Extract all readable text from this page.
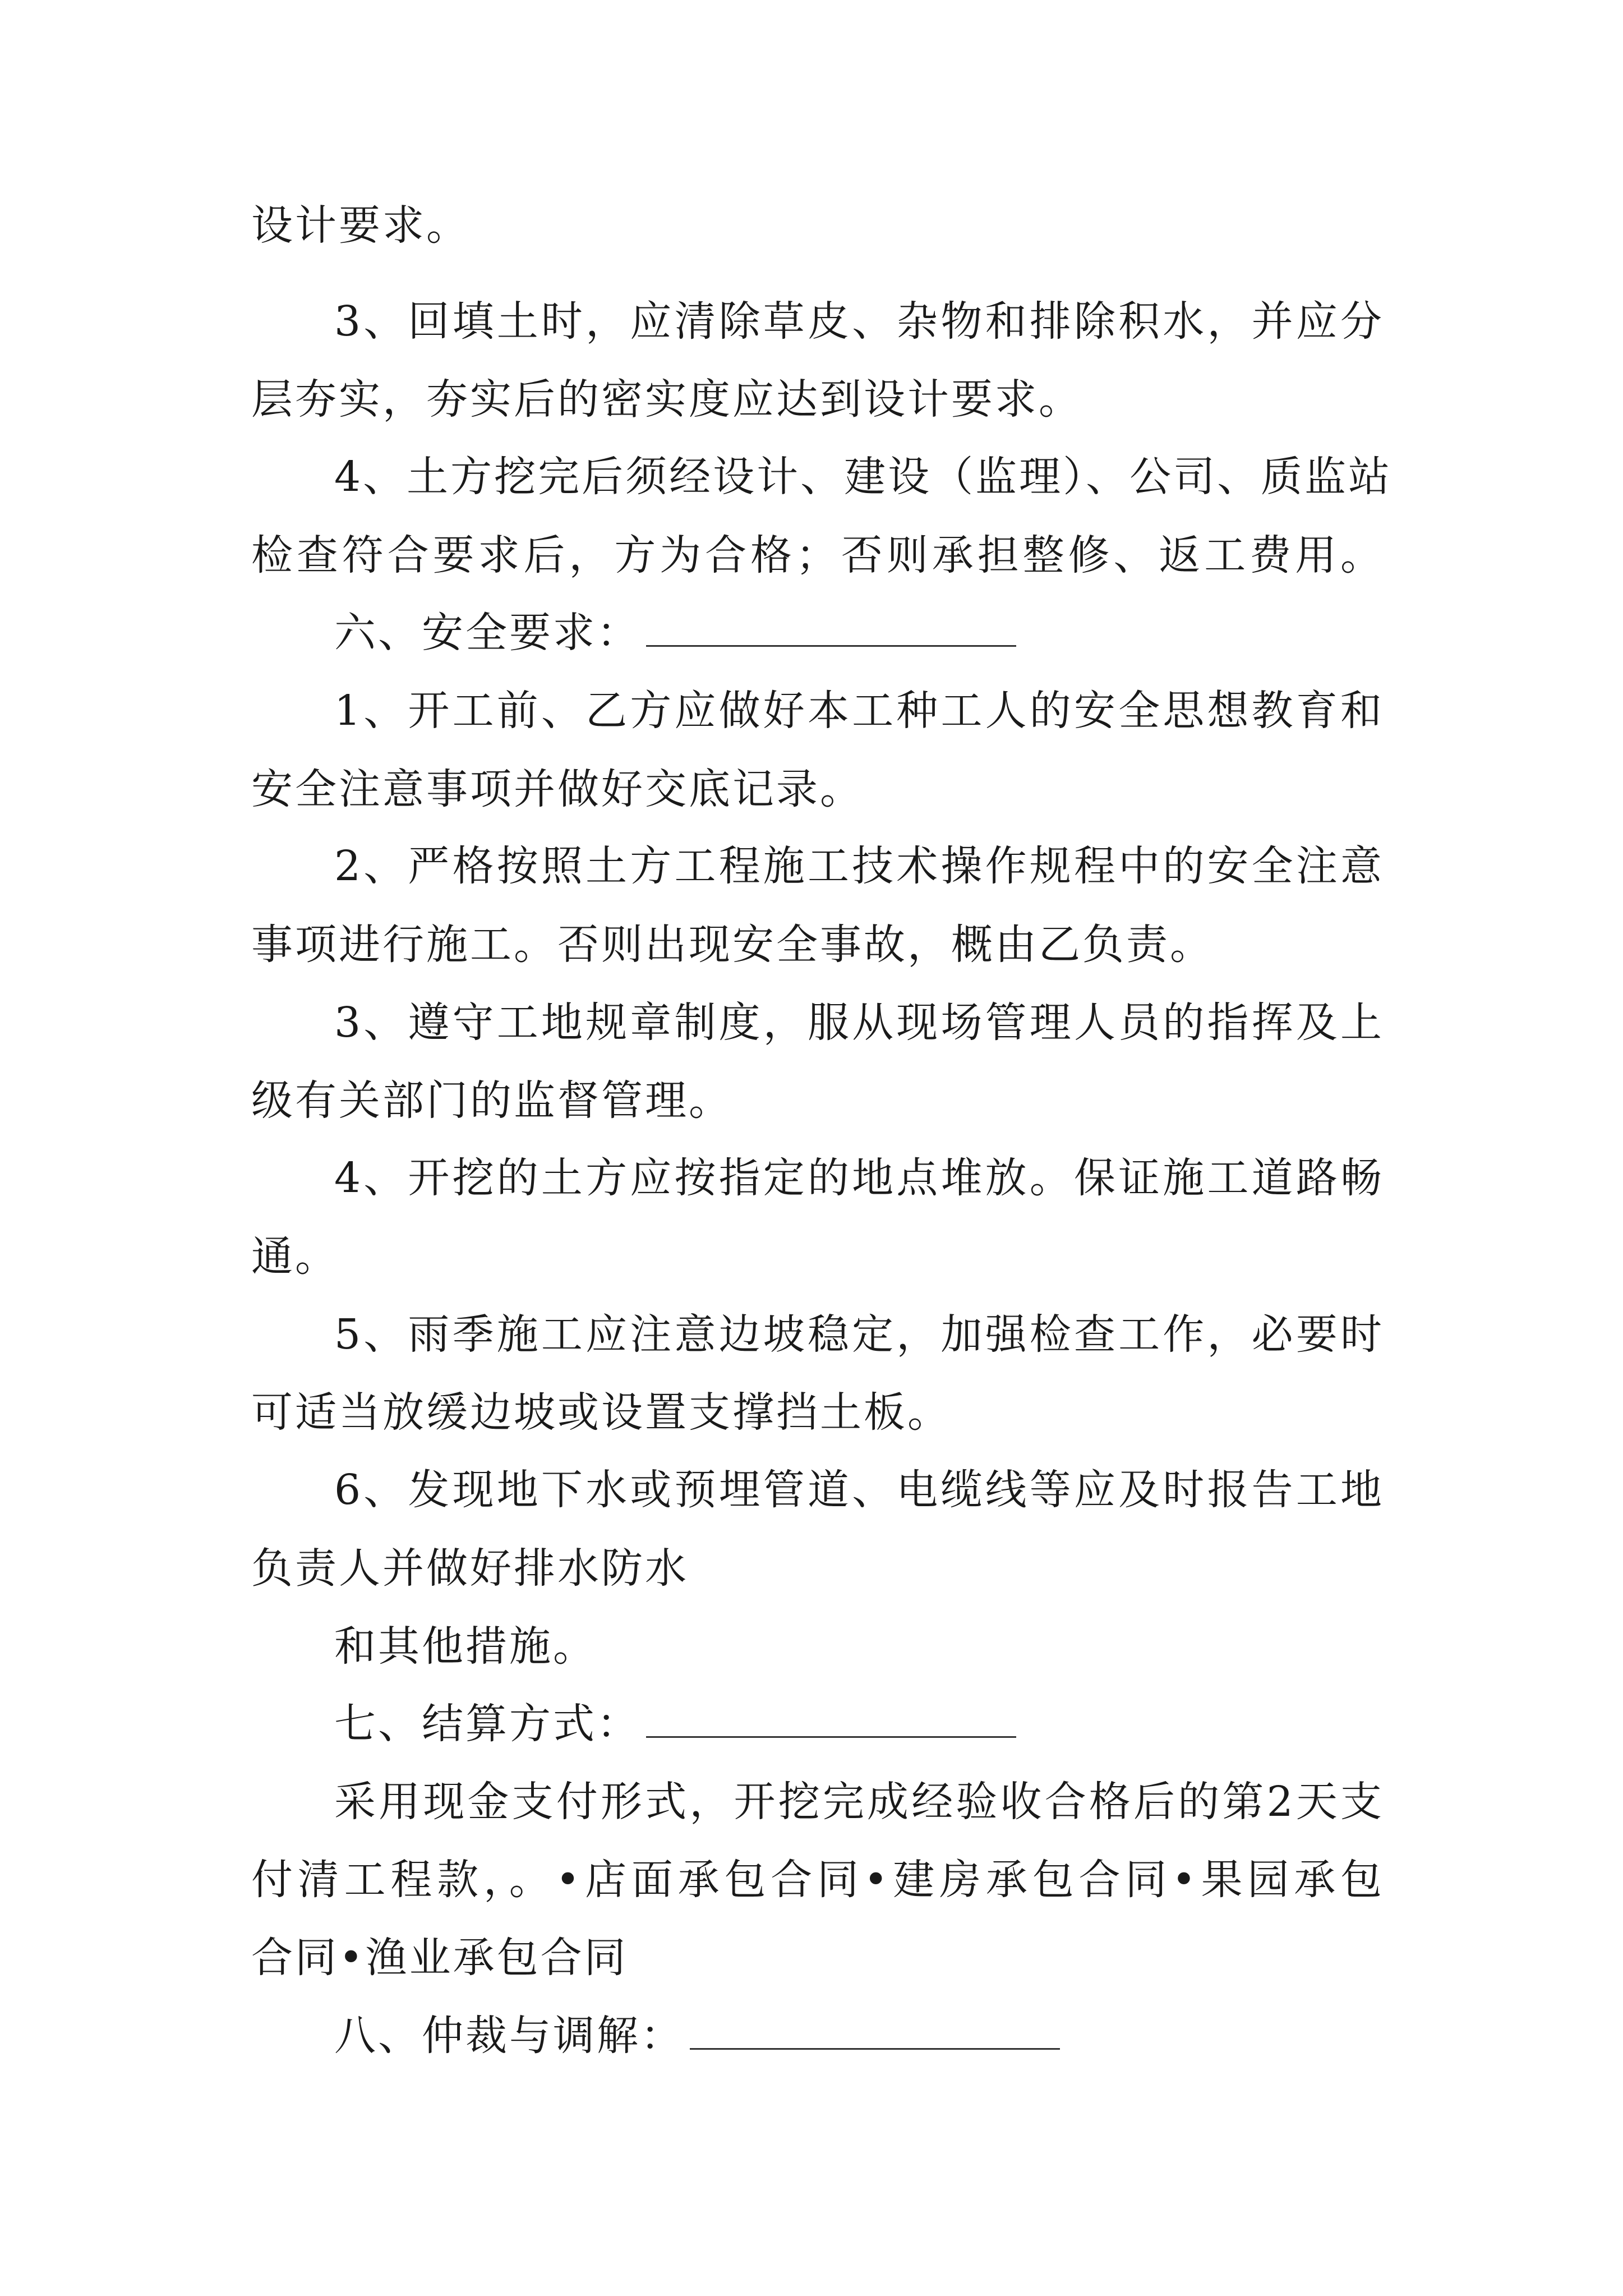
设计要求。
3、回填土时，应清除草皮、杂物和排除积水，并应分
层夯实，夯实后的密实度应达到设计要求。
4、土方挖完后须经设计、建设（监理）、公司、质监站
检查符合要求后，方为合格；否则承担整修、返工费用。
六、安全要求：
1、开工前、乙方应做好本工种工人的安全思想教育和
安全注意事项并做好交底记录。
2、严格按照土方工程施工技术操作规程中的安全注意
事项进行施工。否则出现安全事故，概由乙负责。
3、遵守工地规章制度，服从现场管理人员的指挥及上
级有关部门的监督管理。
4、开挖的土方应按指定的地点堆放。保证施工道路畅
通。
5、雨季施工应注意边坡稳定，加强检查工作，必要时
可适当放缓边坡或设置支撑挡土板。
6、发现地下水或预埋管道、电缆线等应及时报告工地
负责人并做好排水防水
和其他措施。
七、结算方式：
采用现金支付形式，开挖完成经验收合格后的第2天支
付清工程款，。•店面承包合同•建房承包合同•果园承包
合同•渔业承包合同
八、仲裁与调解：
